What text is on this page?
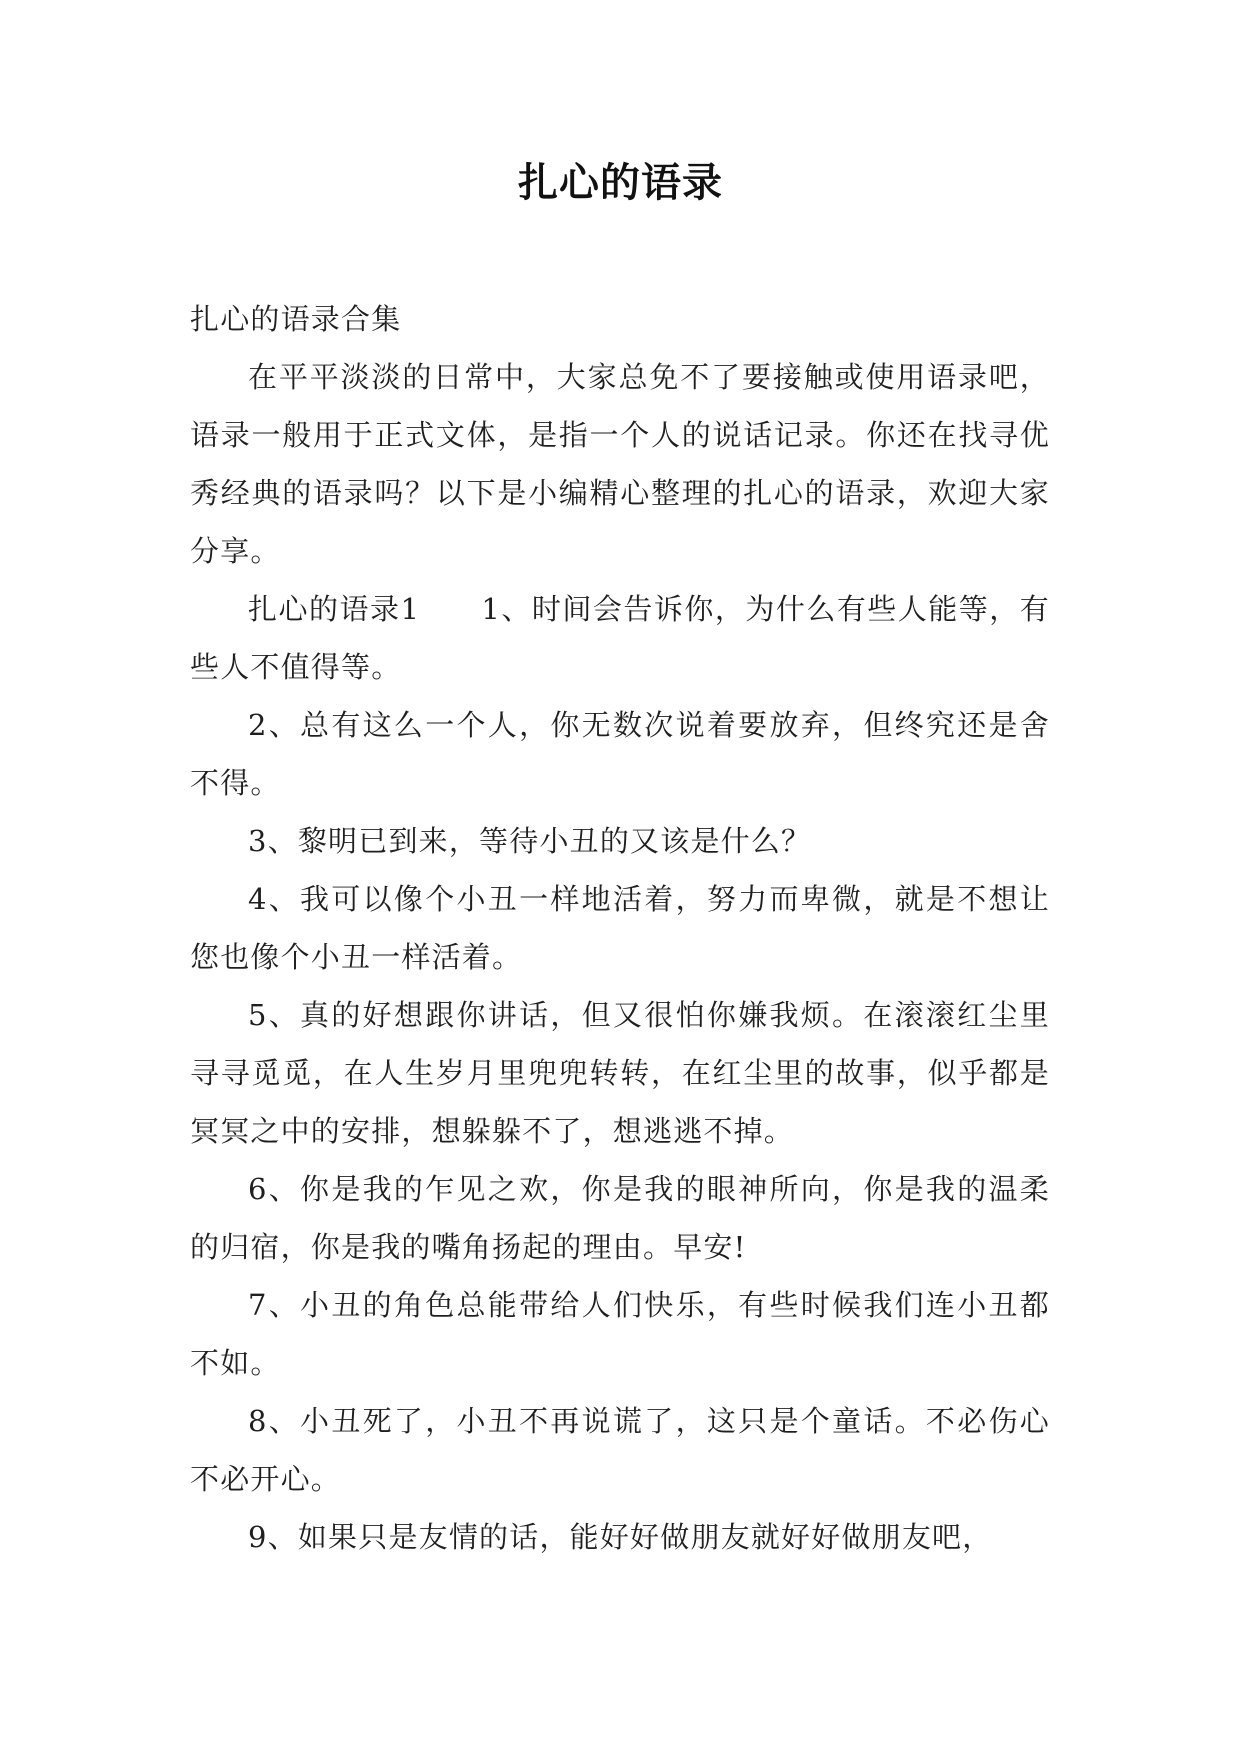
扎心的语录

扎心的语录合集

在平平淡淡的日常中，大家总免不了要接触或使用语录吧，语录一般用于正式文体，是指一个人的说话记录。你还在找寻优秀经典的语录吗？以下是小编精心整理的扎心的语录，欢迎大家分享。

扎心的语录1　　1、时间会告诉你，为什么有些人能等，有些人不值得等。

2、总有这么一个人，你无数次说着要放弃，但终究还是舍不得。

3、黎明已到来，等待小丑的又该是什么？

4、我可以像个小丑一样地活着，努力而卑微，就是不想让您也像个小丑一样活着。

5、真的好想跟你讲话，但又很怕你嫌我烦。在滚滚红尘里寻寻觅觅，在人生岁月里兜兜转转，在红尘里的故事，似乎都是冥冥之中的安排，想躲躲不了，想逃逃不掉。

6、你是我的乍见之欢，你是我的眼神所向，你是我的温柔的归宿，你是我的嘴角扬起的理由。早安!

7、小丑的角色总能带给人们快乐，有些时候我们连小丑都不如。

8、小丑死了，小丑不再说谎了，这只是个童话。不必伤心不必开心。

9、如果只是友情的话，能好好做朋友就好好做朋友吧，
